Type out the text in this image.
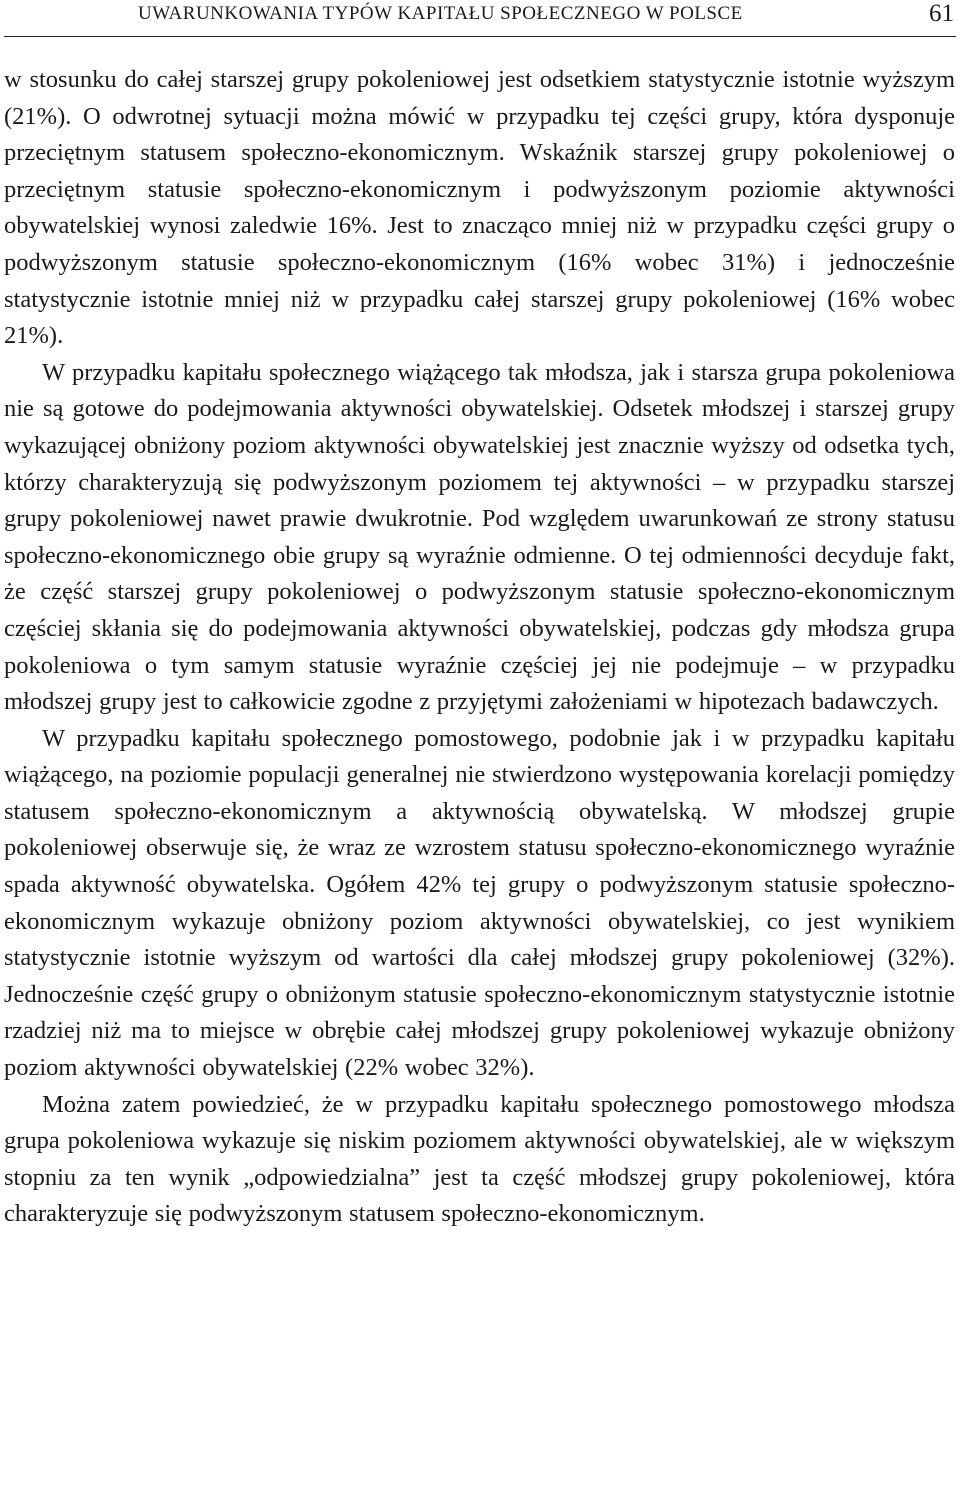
UWARUNKOWANIA TYPÓW KAPITAŁU SPOŁECZNEGO W POLSCE	61

w stosunku do całej starszej grupy pokoleniowej jest odsetkiem statystycznie istotnie wyższym (21%). O odwrotnej sytuacji można mówić w przypadku tej części grupy, która dysponuje przeciętnym statusem społeczno-ekonomicznym. Wskaźnik starszej grupy pokoleniowej o przeciętnym statusie społeczno-ekonomicznym i podwyższonym poziomie aktywności obywatelskiej wynosi zaledwie 16%. Jest to znacząco mniej niż w przypadku części grupy o podwyższonym statusie społeczno-ekonomicznym (16% wobec 31%) i jednocześnie statystycznie istotnie mniej niż w przypadku całej starszej grupy pokoleniowej (16% wobec 21%).

W przypadku kapitału społecznego wiążącego tak młodsza, jak i starsza grupa pokoleniowa nie są gotowe do podejmowania aktywności obywatelskiej. Odsetek młodszej i starszej grupy wykazującej obniżony poziom aktywności obywatelskiej jest znacznie wyższy od odsetka tych, którzy charakteryzują się podwyższonym poziomem tej aktywności – w przypadku starszej grupy pokoleniowej nawet prawie dwukrotnie. Pod względem uwarunkowań ze strony statusu społeczno-ekonomicznego obie grupy są wyraźnie odmienne. O tej odmienności decyduje fakt, że część starszej grupy pokoleniowej o podwyższonym statusie społeczno-ekonomicznym częściej skłania się do podejmowania aktywności obywatelskiej, podczas gdy młodsza grupa pokoleniowa o tym samym statusie wyraźnie częściej jej nie podejmuje – w przypadku młodszej grupy jest to całkowicie zgodne z przyjętymi założeniami w hipotezach badawczych.

W przypadku kapitału społecznego pomostowego, podobnie jak i w przypadku kapitału wiążącego, na poziomie populacji generalnej nie stwierdzono występowania korelacji pomiędzy statusem społeczno-ekonomicznym a aktywnością obywatelską. W młodszej grupie pokoleniowej obserwuje się, że wraz ze wzrostem statusu społeczno-ekonomicznego wyraźnie spada aktywność obywatelska. Ogółem 42% tej grupy o podwyższonym statusie społeczno-ekonomicznym wykazuje obniżony poziom aktywności obywatelskiej, co jest wynikiem statystycznie istotnie wyższym od wartości dla całej młodszej grupy pokoleniowej (32%). Jednocześnie część grupy o obniżonym statusie społeczno-ekonomicznym statystycznie istotnie rzadziej niż ma to miejsce w obrębie całej młodszej grupy pokoleniowej wykazuje obniżony poziom aktywności obywatelskiej (22% wobec 32%).

Można zatem powiedzieć, że w przypadku kapitału społecznego pomostowego młodsza grupa pokoleniowa wykazuje się niskim poziomem aktywności obywatelskiej, ale w większym stopniu za ten wynik „odpowiedzialna” jest ta część młodszej grupy pokoleniowej, która charakteryzuje się podwyższonym statusem społeczno-ekonomicznym.
